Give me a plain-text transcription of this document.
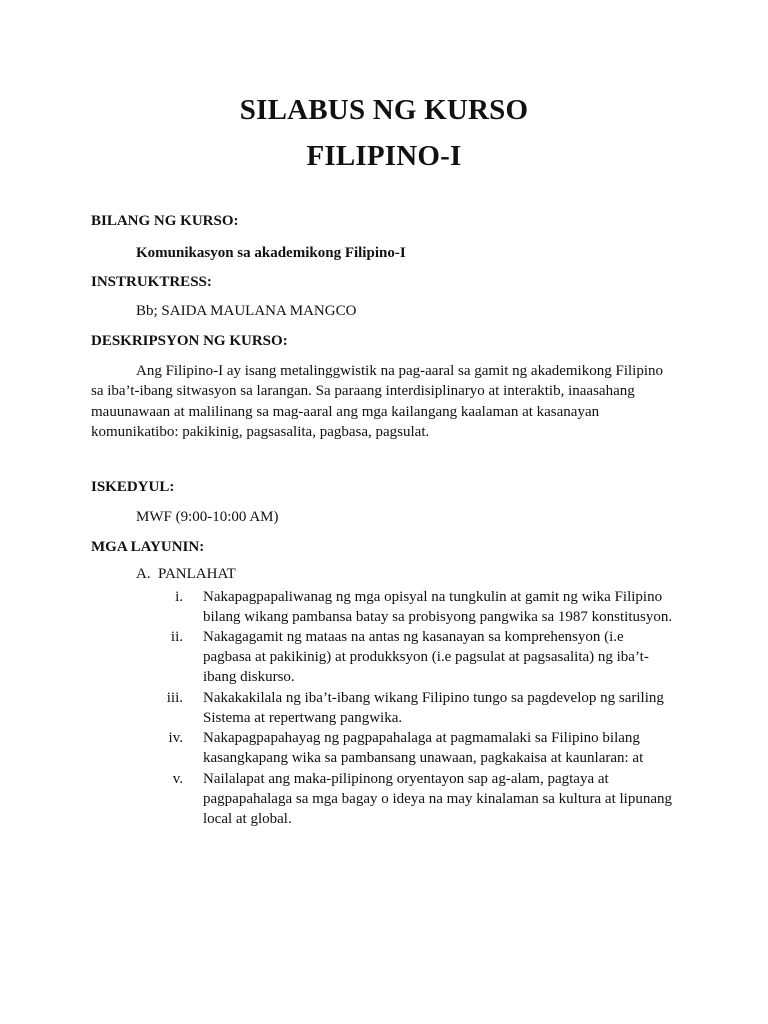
SILABUS NG KURSO
FILIPINO-I

BILANG NG KURSO:

Komunikasyon sa akademikong Filipino-I

INSTRUKTRESS:

Bb; SAIDA MAULANA MANGCO

DESKRIPSYON NG KURSO:

Ang Filipino-I ay isang metalinggwistik na pag-aaral sa gamit ng akademikong Filipino
sa iba’t-ibang sitwasyon sa larangan. Sa paraang interdisiplinaryo at interaktib, inaasahang
mauunawaan at malilinang sa mag-aaral ang mga kailangang kaalaman at kasanayan
komunikatibo: pakikinig, pagsasalita, pagbasa, pagsulat.

ISKEDYUL:

MWF (9:00-10:00 AM)

MGA LAYUNIN:

A. PANLAHAT

i. Nakapagpapaliwanag ng mga opisyal na tungkulin at gamit ng wika Filipino
bilang wikang pambansa batay sa probisyong pangwika sa 1987 konstitusyon.
ii. Nakagagamit ng mataas na antas ng kasanayan sa komprehensyon (i.e
pagbasa at pakikinig) at produkksyon (i.e pagsulat at pagsasalita) ng iba’t-
ibang diskurso.
iii. Nakakakilala ng iba’t-ibang wikang Filipino tungo sa pagdevelop ng sariling
Sistema at repertwang pangwika.
iv. Nakapagpapahayag ng pagpapahalaga at pagmamalaki sa Filipino bilang
kasangkapang wika sa pambansang unawaan, pagkakaisa at kaunlaran: at
v. Nailalapat ang maka-pilipinong oryentayon sap ag-alam, pagtaya at
pagpapahalaga sa mga bagay o ideya na may kinalaman sa kultura at lipunang
local at global.
